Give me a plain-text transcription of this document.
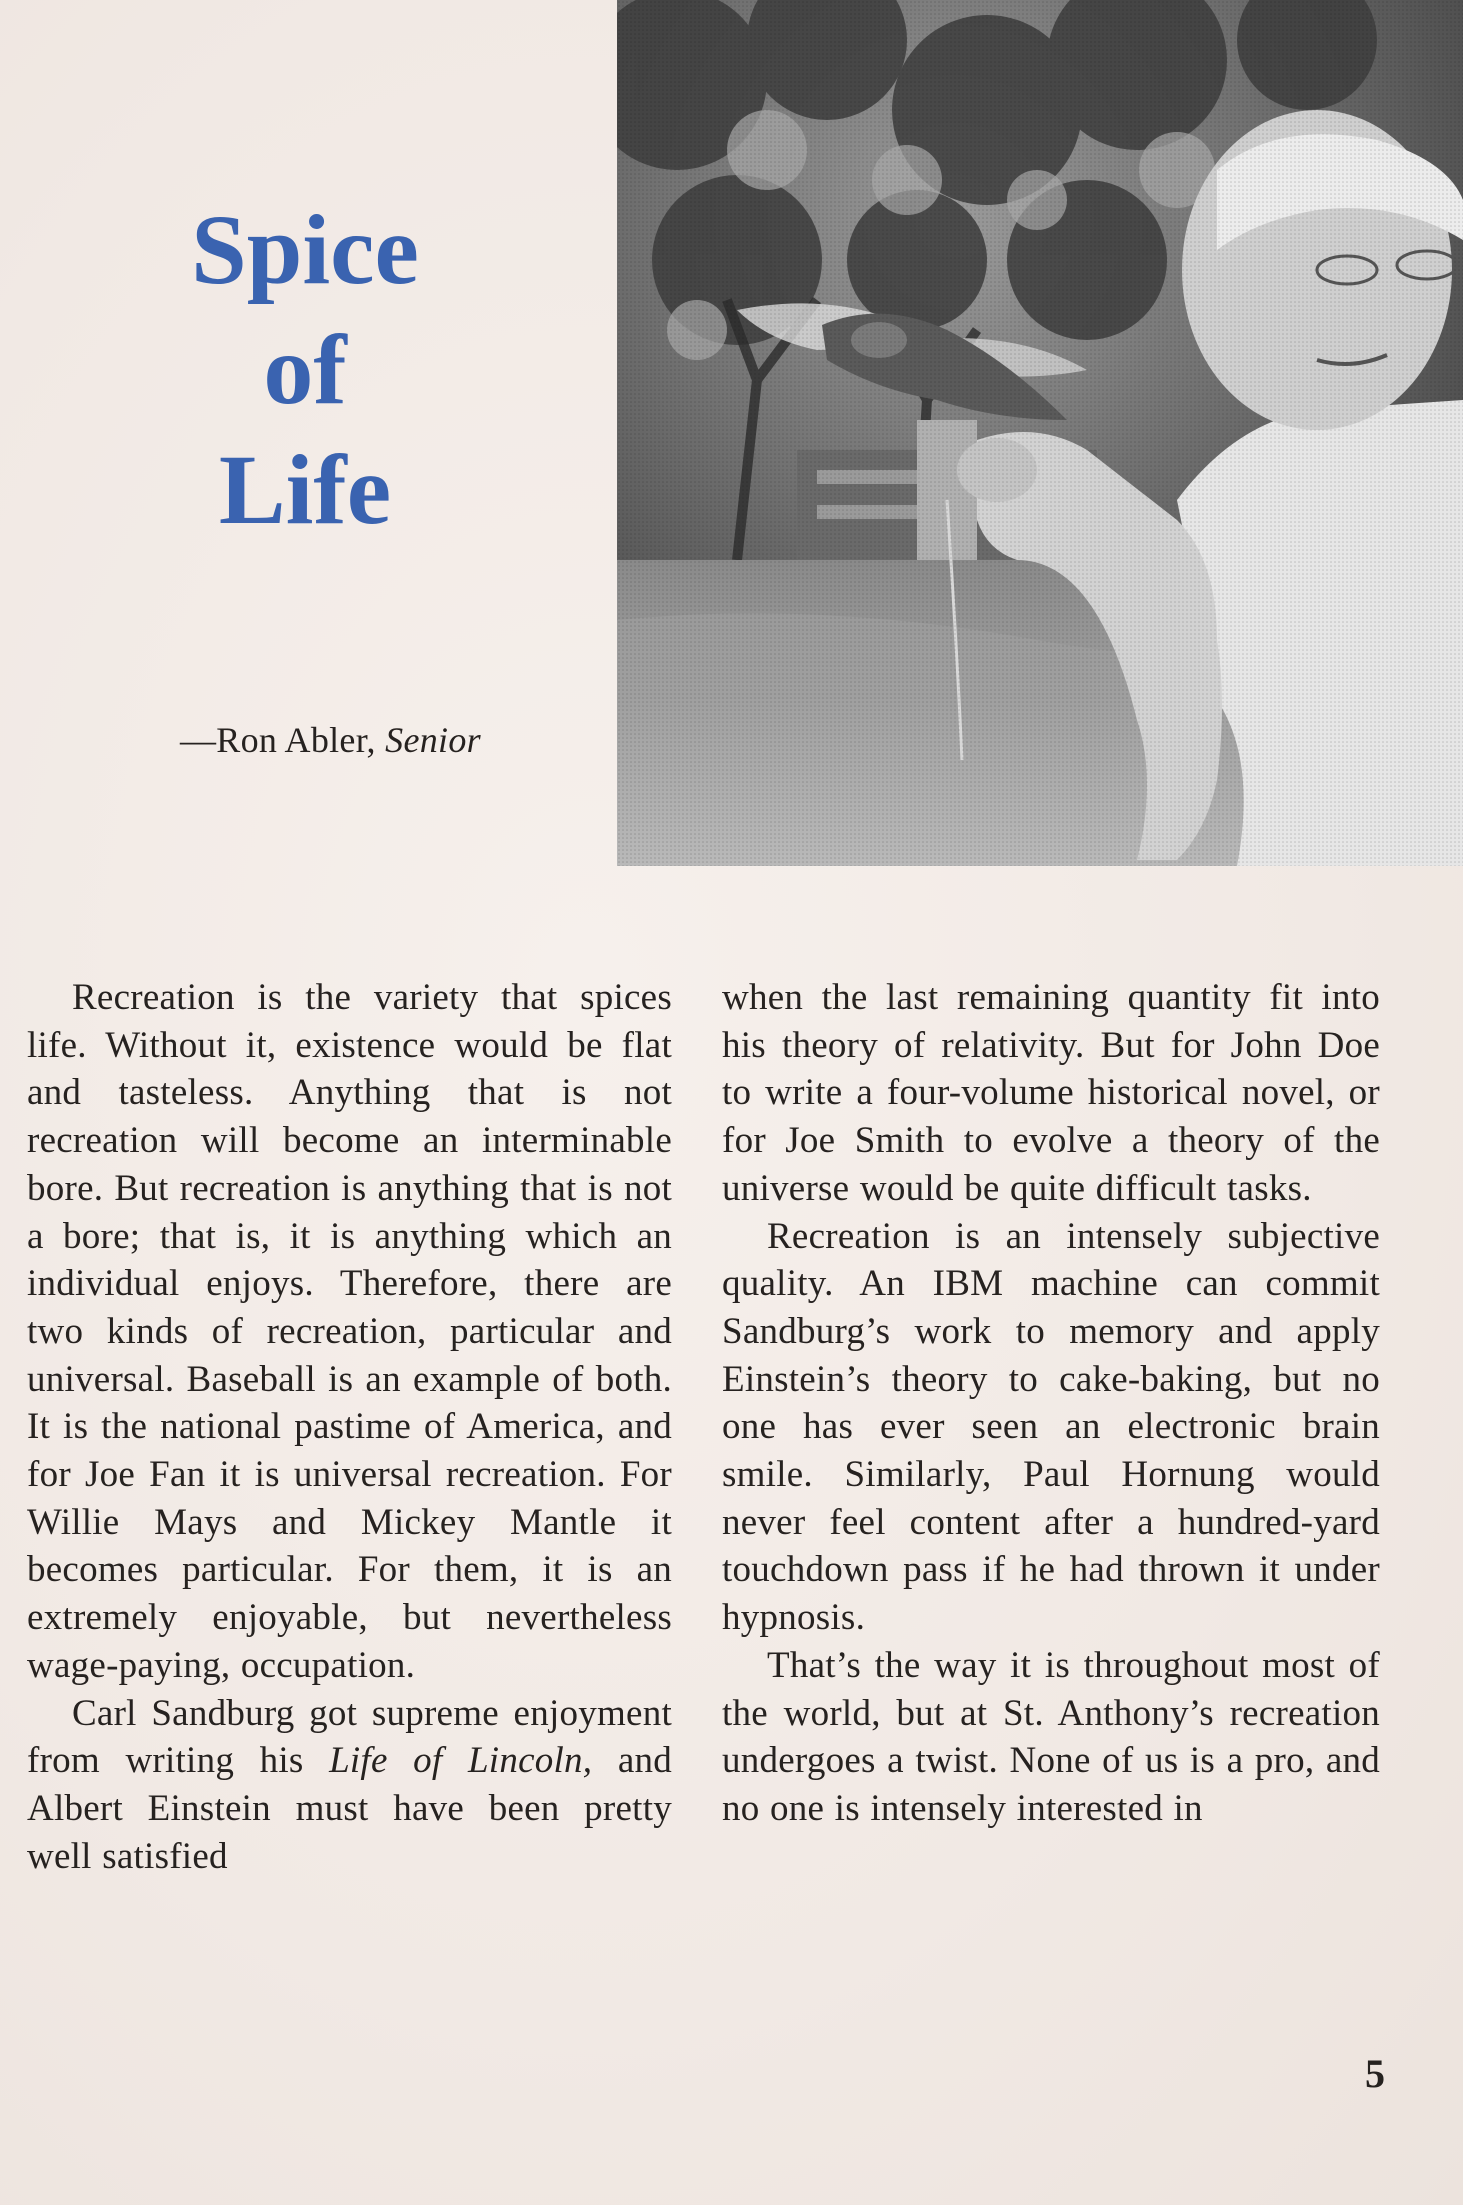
Spice
of
Life

—Ron Abler, Senior

Recreation is the variety that spices life. Without it, existence would be flat and tasteless. Anything that is not recreation will become an interminable bore. But recreation is anything that is not a bore; that is, it is anything which an individual enjoys. Therefore, there are two kinds of recreation, particular and universal. Baseball is an example of both. It is the national pastime of America, and for Joe Fan it is universal recreation. For Willie Mays and Mickey Mantle it becomes particular. For them, it is an extremely enjoyable, but nevertheless wage-paying, occupation.

Carl Sandburg got supreme enjoyment from writing his Life of Lincoln, and Albert Einstein must have been pretty well satisfied

when the last remaining quantity fit into his theory of relativity. But for John Doe to write a four-volume historical novel, or for Joe Smith to evolve a theory of the universe would be quite difficult tasks.

Recreation is an intensely subjective quality. An IBM machine can commit Sandburg’s work to memory and apply Einstein’s theory to cake-baking, but no one has ever seen an electronic brain smile. Similarly, Paul Hornung would never feel content after a hundred-yard touchdown pass if he had thrown it under hypnosis.

That’s the way it is throughout most of the world, but at St. Anthony’s recreation undergoes a twist. None of us is a pro, and no one is intensely interested in

5
